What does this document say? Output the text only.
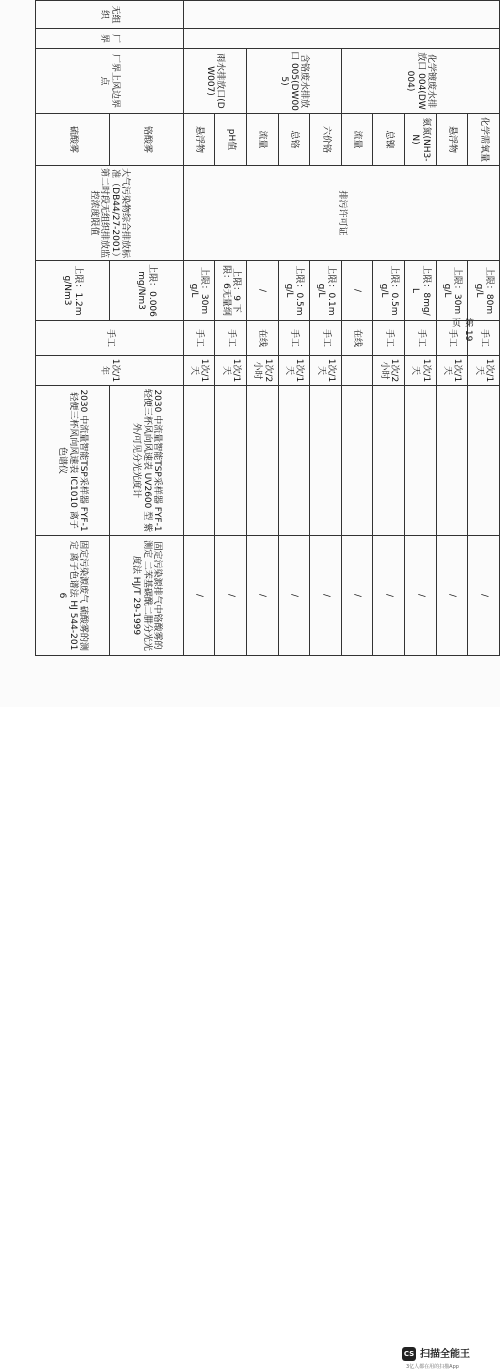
		化学镀废水排放口 004(DW004)	化学需氧量	排污许可证	上限：80mg/L	手工	1次/1天		/
			悬浮物		上限：30mg/L	手工	1次/1天		/
			氨氮(NH3-N)		上限：8mg/L	手工	1次/1天		/
			总镍		上限：0.5mg/L	手工	1次/2小时		/
			流量		/	在线			/
		含铬废水排放口 005(DW005)	六价铬		上限：0.1mg/L	手工	1次/1天		/
			总铬		上限：0.5mg/L	手工	1次/1天		/
			流量		/	在线	1次/2小时		/
		雨水排放口(DW007)	pH值		上限：9 下限：6无量纲	手工	1次/1天		/
			悬浮物		上限：30mg/L	手工	1次/1天		/
无组织	厂界	厂界上风边界点	铬酸雾	大气污染物综合排放标准（DB44/27-2001）第二时段无组织排放监控浓度限值	上限：0.006mg/Nm3	手工	1次/1年	2030 中流量智能TSP采样器 FYF-1 轻便三杯风向风速表 UV2600 型 紫外/可见分光光度计	固定污染源排气中铬酸雾的测定 二苯基碳酰二肼分光光度法 HJ/T 29-1999
			硫酸雾		上限：1.2mg/Nm3			2030 中流量智能TSP采样器 FYF-1 轻便三杯风向风速表 IC1010 离子色谱仪	固定污染源废气 硫酸雾的测定 离子色谱法 HJ 544-2016
第 19 页
CS 扫描全能王
3亿人都在用的扫描App
